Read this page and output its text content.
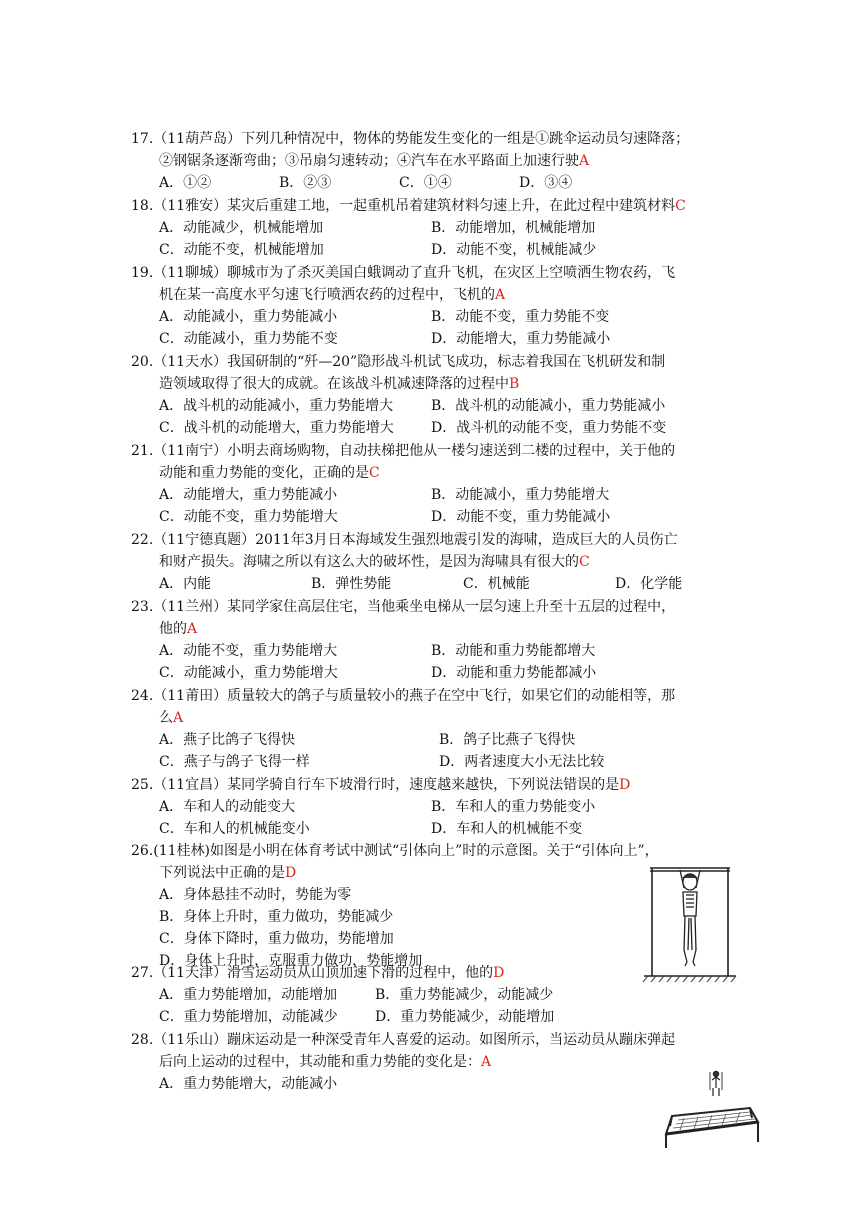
17.（11葫芦岛）下列几种情况中，物体的势能发生变化的一组是①跳伞运动员匀速降落；
②钢锯条逐渐弯曲；③吊扇匀速转动；④汽车在水平路面上加速行驶A
A．①②	B．②③	C．①④	D．③④
18.（11雅安）某灾后重建工地，一起重机吊着建筑材料匀速上升，在此过程中建筑材料C
A．动能减少，机械能增加	B．动能增加，机械能增加
C．动能不变，机械能增加	D．动能不变，机械能减少
19.（11聊城）聊城市为了杀灭美国白蛾调动了直升飞机，在灾区上空喷洒生物农药，飞
机在某一高度水平匀速飞行喷洒农药的过程中，飞机的A
A．动能减小，重力势能减小	B．动能不变，重力势能不变
C．动能减小，重力势能不变	D．动能增大，重力势能减小
20.（11天水）我国研制的“歼—20”隐形战斗机试飞成功，标志着我国在飞机研发和制
造领域取得了很大的成就。在该战斗机减速降落的过程中B
A．战斗机的动能减小，重力势能增大	B．战斗机的动能减小，重力势能减小
C．战斗机的动能增大，重力势能增大	D．战斗机的动能不变，重力势能不变
21.（11南宁）小明去商场购物，自动扶梯把他从一楼匀速送到二楼的过程中，关于他的
动能和重力势能的变化，正确的是C
A．动能增大，重力势能减小	B．动能减小，重力势能增大
C．动能不变，重力势能增大	D．动能不变，重力势能减小
22.（11宁德真题）2011年3月日本海域发生强烈地震引发的海啸，造成巨大的人员伤亡
和财产损失。海啸之所以有这么大的破坏性，是因为海啸具有很大的C
A．内能	B．弹性势能	C．机械能	D．化学能
23.（11兰州）某同学家住高层住宅，当他乘坐电梯从一层匀速上升至十五层的过程中，
他的A
A．动能不变，重力势能增大	B．动能和重力势能都增大
C．动能减小，重力势能增大	D．动能和重力势能都减小
24.（11莆田）质量较大的鸽子与质量较小的燕子在空中飞行，如果它们的动能相等，那
么A
A．燕子比鸽子飞得快	B．鸽子比燕子飞得快
C．燕子与鸽子飞得一样	D．两者速度大小无法比较
25.（11宜昌）某同学骑自行车下坡滑行时，速度越来越快，下列说法错误的是D
A．车和人的动能变大	B．车和人的重力势能变小
C．车和人的机械能变小	D．车和人的机械能不变
26.(11桂林)如图是小明在体育考试中测试“引体向上”时的示意图。关于“引体向上”，
下列说法中正确的是D
A．身体悬挂不动时，势能为零
B．身体上升时，重力做功，势能减少
C．身体下降时，重力做功，势能增加
D．身体上升时，克服重力做功，势能增加
27.（11天津）滑雪运动员从山顶加速下滑的过程中，他的D
A．重力势能增加，动能增加	B．重力势能减少，动能减少
C．重力势能增加，动能减少	D．重力势能减少，动能增加
28.（11乐山）蹦床运动是一种深受青年人喜爱的运动。如图所示，当运动员从蹦床弹起
后向上运动的过程中，其动能和重力势能的变化是：A
A．重力势能增大，动能减小
